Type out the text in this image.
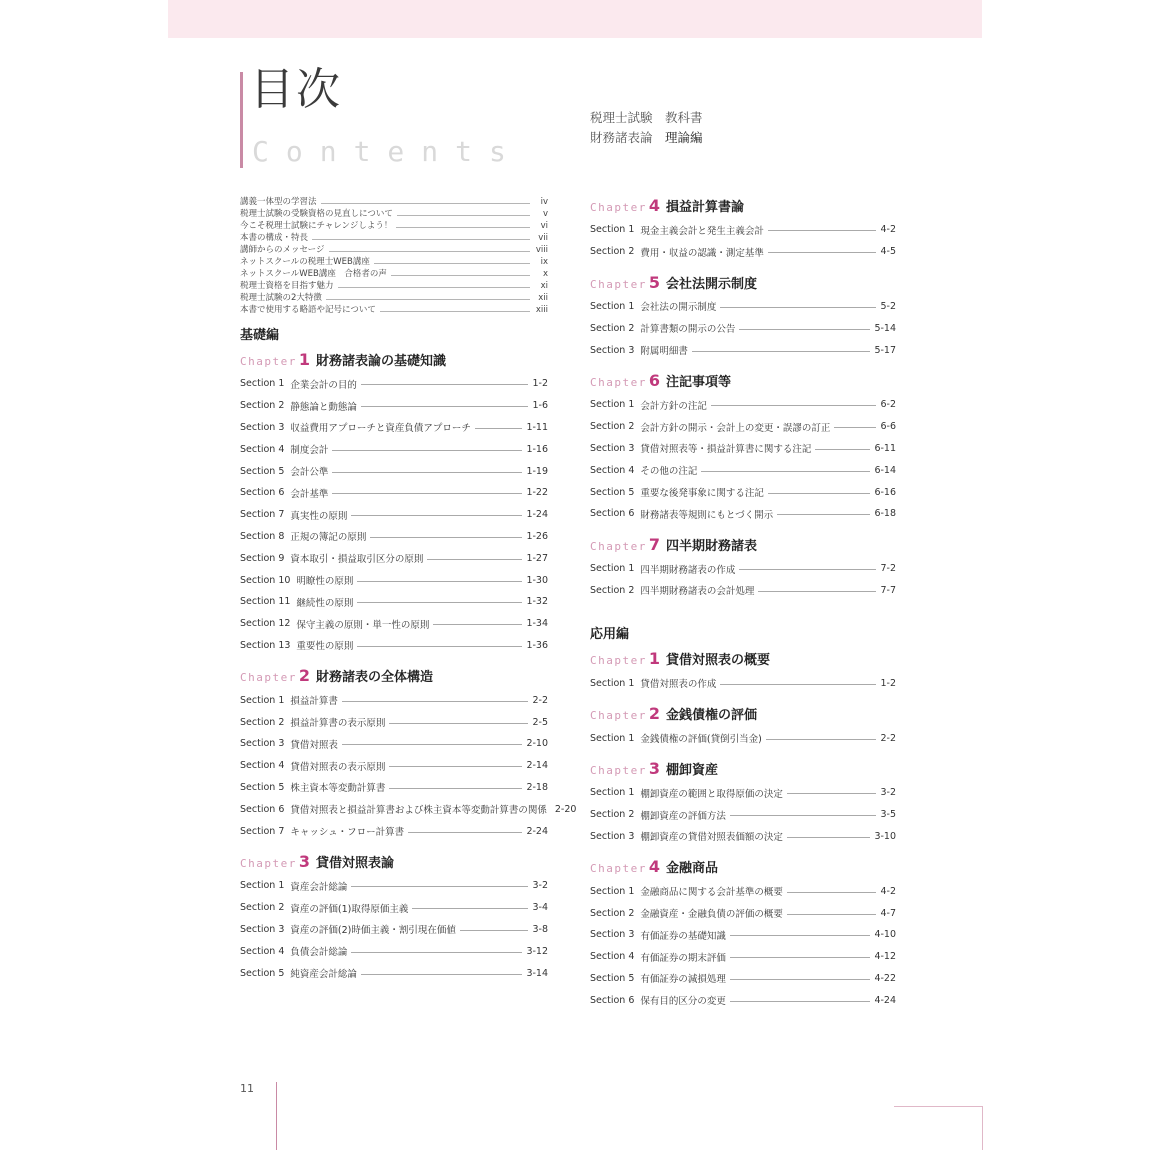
目次
Contents
税理士試験　教科書
財務諸表論　 理論編
講義一体型の学習法	iv
税理士試験の受験資格の見直しについて	v
今こそ税理士試験にチャレンジしよう！	vi
本書の構成・特長	vii
講師からのメッセージ	viii
ネットスクールの税理士WEB講座	ix
ネットスクールWEB講座　合格者の声	x
税理士資格を目指す魅力	xi
税理士試験の2大特徴	xii
本書で使用する略語や記号について	xiii
基礎編
Chapter 1 財務諸表論の基礎知識
Section 1 企業会計の目的	1-2
Section 2 静態論と動態論	1-6
Section 3 収益費用アプローチと資産負債アプローチ	1-11
Section 4 制度会計	1-16
Section 5 会計公準	1-19
Section 6 会計基準	1-22
Section 7 真実性の原則	1-24
Section 8 正規の簿記の原則	1-26
Section 9 資本取引・損益取引区分の原則	1-27
Section 10 明瞭性の原則	1-30
Section 11 継続性の原則	1-32
Section 12 保守主義の原則・単一性の原則	1-34
Section 13 重要性の原則	1-36
Chapter 2 財務諸表の全体構造
Section 1 損益計算書	2-2
Section 2 損益計算書の表示原則	2-5
Section 3 貸借対照表	2-10
Section 4 貸借対照表の表示原則	2-14
Section 5 株主資本等変動計算書	2-18
Section 6 貸借対照表と損益計算書および株主資本等変動計算書の関係 2-20
Section 7 キャッシュ・フロー計算書	2-24
Chapter 3 貸借対照表論
Section 1 資産会計総論	3-2
Section 2 資産の評価(1)取得原価主義	3-4
Section 3 資産の評価(2)時価主義・割引現在価値	3-8
Section 4 負債会計総論	3-12
Section 5 純資産会計総論	3-14
Chapter 4 損益計算書論
Section 1 現金主義会計と発生主義会計	4-2
Section 2 費用・収益の認識・測定基準	4-5
Chapter 5 会社法開示制度
Section 1 会社法の開示制度	5-2
Section 2 計算書類の開示の公告	5-14
Section 3 附属明細書	5-17
Chapter 6 注記事項等
Section 1 会計方針の注記	6-2
Section 2 会計方針の開示・会計上の変更・誤謬の訂正	6-6
Section 3 貸借対照表等・損益計算書に関する注記	6-11
Section 4 その他の注記	6-14
Section 5 重要な後発事象に関する注記	6-16
Section 6 財務諸表等規則にもとづく開示	6-18
Chapter 7 四半期財務諸表
Section 1 四半期財務諸表の作成	7-2
Section 2 四半期財務諸表の会計処理	7-7
応用編
Chapter 1 貸借対照表の概要
Section 1 貸借対照表の作成	1-2
Chapter 2 金銭債権の評価
Section 1 金銭債権の評価(貸倒引当金)	2-2
Chapter 3 棚卸資産
Section 1 棚卸資産の範囲と取得原価の決定	3-2
Section 2 棚卸資産の評価方法	3-5
Section 3 棚卸資産の貸借対照表価額の決定	3-10
Chapter 4 金融商品
Section 1 金融商品に関する会計基準の概要	4-2
Section 2 金融資産・金融負債の評価の概要	4-7
Section 3 有価証券の基礎知識	4-10
Section 4 有価証券の期末評価	4-12
Section 5 有価証券の減損処理	4-22
Section 6 保有目的区分の変更	4-24
11
